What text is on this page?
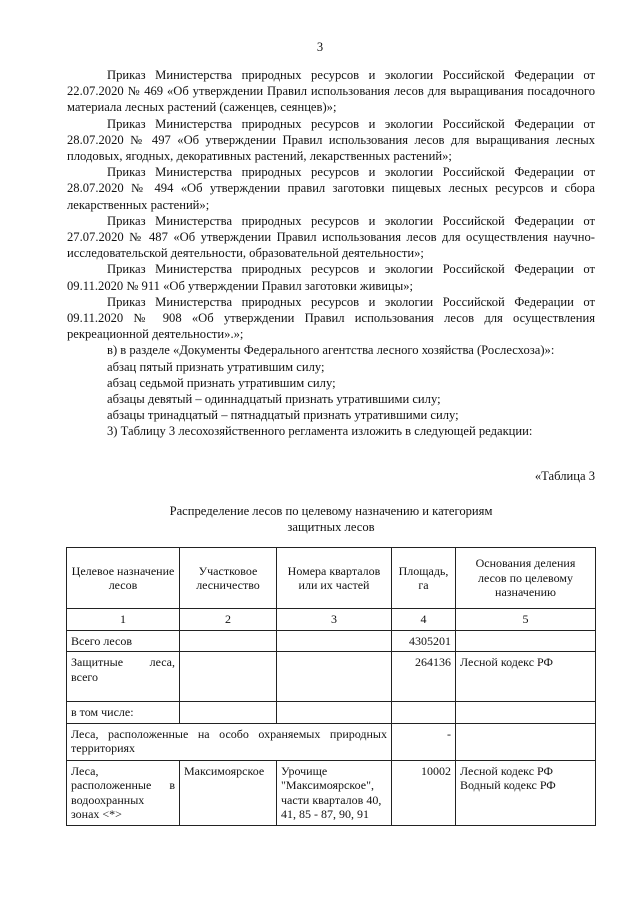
3

Приказ Министерства природных ресурсов и экологии Российской Федерации от 22.07.2020 № 469 «Об утверждении Правил использования лесов для выращивания посадочного материала лесных растений (саженцев, сеянцев)»;

Приказ Министерства природных ресурсов и экологии Российской Федерации от 28.07.2020 № 497 «Об утверждении Правил использования лесов для выращивания лесных плодовых, ягодных, декоративных растений, лекарственных растений»;

Приказ Министерства природных ресурсов и экологии Российской Федерации от 28.07.2020 № 494 «Об утверждении правил заготовки пищевых лесных ресурсов и сбора лекарственных растений»;

Приказ Министерства природных ресурсов и экологии Российской Федерации от 27.07.2020 № 487 «Об утверждении Правил использования лесов для осуществления научно-исследовательской деятельности, образовательной деятельности»;

Приказ Министерства природных ресурсов и экологии Российской Федерации от 09.11.2020 № 911 «Об утверждении Правил заготовки живицы»;

Приказ Министерства природных ресурсов и экологии Российской Федерации от 09.11.2020 № 908 «Об утверждении Правил использования лесов для осуществления рекреационной деятельности».»;

в) в разделе «Документы Федерального агентства лесного хозяйства (Рослесхоза)»:

абзац пятый признать утратившим силу;

абзац седьмой признать утратившим силу;

абзацы девятый – одиннадцатый признать утратившими силу;

абзацы тринадцатый – пятнадцатый признать утратившими силу;

3) Таблицу 3 лесохозяйственного регламента изложить в следующей редакции:

«Таблица 3
Распределение лесов по целевому назначению и категориям
защитных лесов
Целевое назначение лесов	Участковое лесничество	Номера кварталов или их частей	Площадь, га	Основания деления лесов по целевому назначению
1	2	3	4	5
Всего лесов			4305201	
Защитные леса, всего			264136	Лесной кодекс РФ
в том числе:				
Леса, расположенные на особо охраняемых природных территориях			-	
Леса, расположенные в водоохранных зонах <*>	Максимоярское	Урочище "Максимоярское", части кварталов 40, 41, 85 - 87, 90, 91	10002	Лесной кодекс РФ
Водный кодекс РФ
